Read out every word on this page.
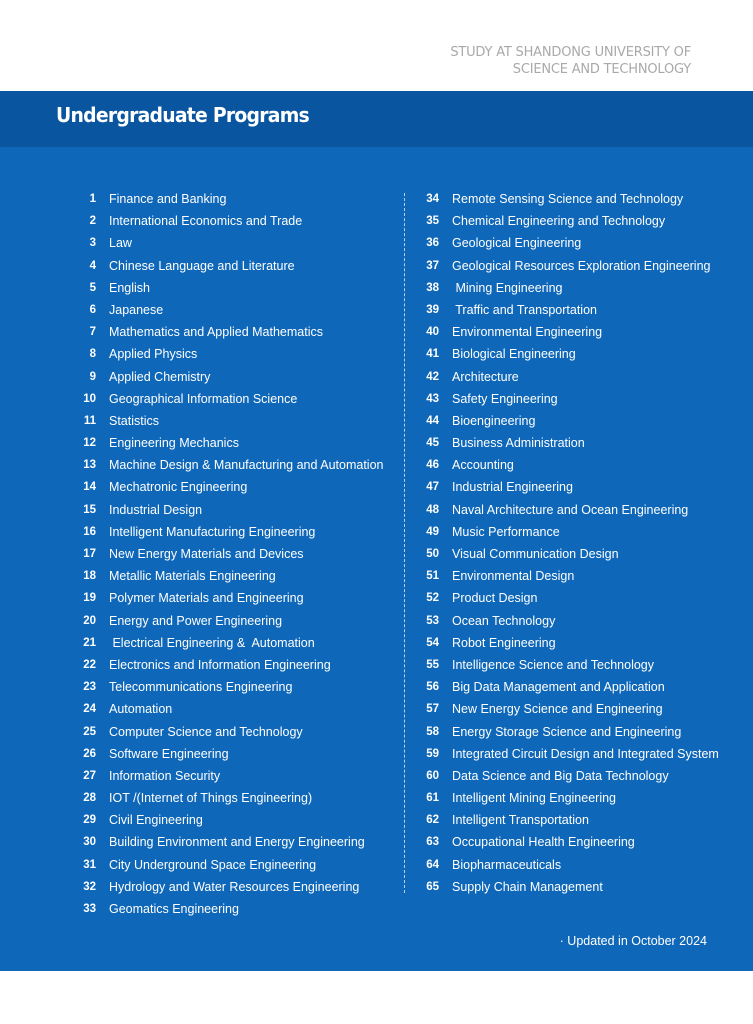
STUDY AT SHANDONG UNIVERSITY OF
SCIENCE AND TECHNOLOGY
Undergraduate Programs
1 Finance and Banking
2 International Economics and Trade
3 Law
4 Chinese Language and Literature
5 English
6 Japanese
7 Mathematics and Applied Mathematics
8 Applied Physics
9 Applied Chemistry
10 Geographical Information Science
11 Statistics
12 Engineering Mechanics
13 Machine Design & Manufacturing and Automation
14 Mechatronic Engineering
15 Industrial Design
16 Intelligent Manufacturing Engineering
17 New Energy Materials and Devices
18 Metallic Materials Engineering
19 Polymer Materials and Engineering
20 Energy and Power Engineering
21 Electrical Engineering &  Automation
22 Electronics and Information Engineering
23 Telecommunications Engineering
24 Automation
25 Computer Science and Technology
26 Software Engineering
27 Information Security
28 IOT /(Internet of Things Engineering)
29 Civil Engineering
30 Building Environment and Energy Engineering
31 City Underground Space Engineering
32 Hydrology and Water Resources Engineering
33 Geomatics Engineering
34 Remote Sensing Science and Technology
35 Chemical Engineering and Technology
36 Geological Engineering
37 Geological Resources Exploration Engineering
38 Mining Engineering
39 Traffic and Transportation
40 Environmental Engineering
41 Biological Engineering
42 Architecture
43 Safety Engineering
44 Bioengineering
45 Business Administration
46 Accounting
47 Industrial Engineering
48 Naval Architecture and Ocean Engineering
49 Music Performance
50 Visual Communication Design
51 Environmental Design
52 Product Design
53 Ocean Technology
54 Robot Engineering
55 Intelligence Science and Technology
56 Big Data Management and Application
57 New Energy Science and Engineering
58 Energy Storage Science and Engineering
59 Integrated Circuit Design and Integrated System
60 Data Science and Big Data Technology
61 Intelligent Mining Engineering
62 Intelligent Transportation
63 Occupational Health Engineering
64 Biopharmaceuticals
65 Supply Chain Management
· Updated in October 2024
